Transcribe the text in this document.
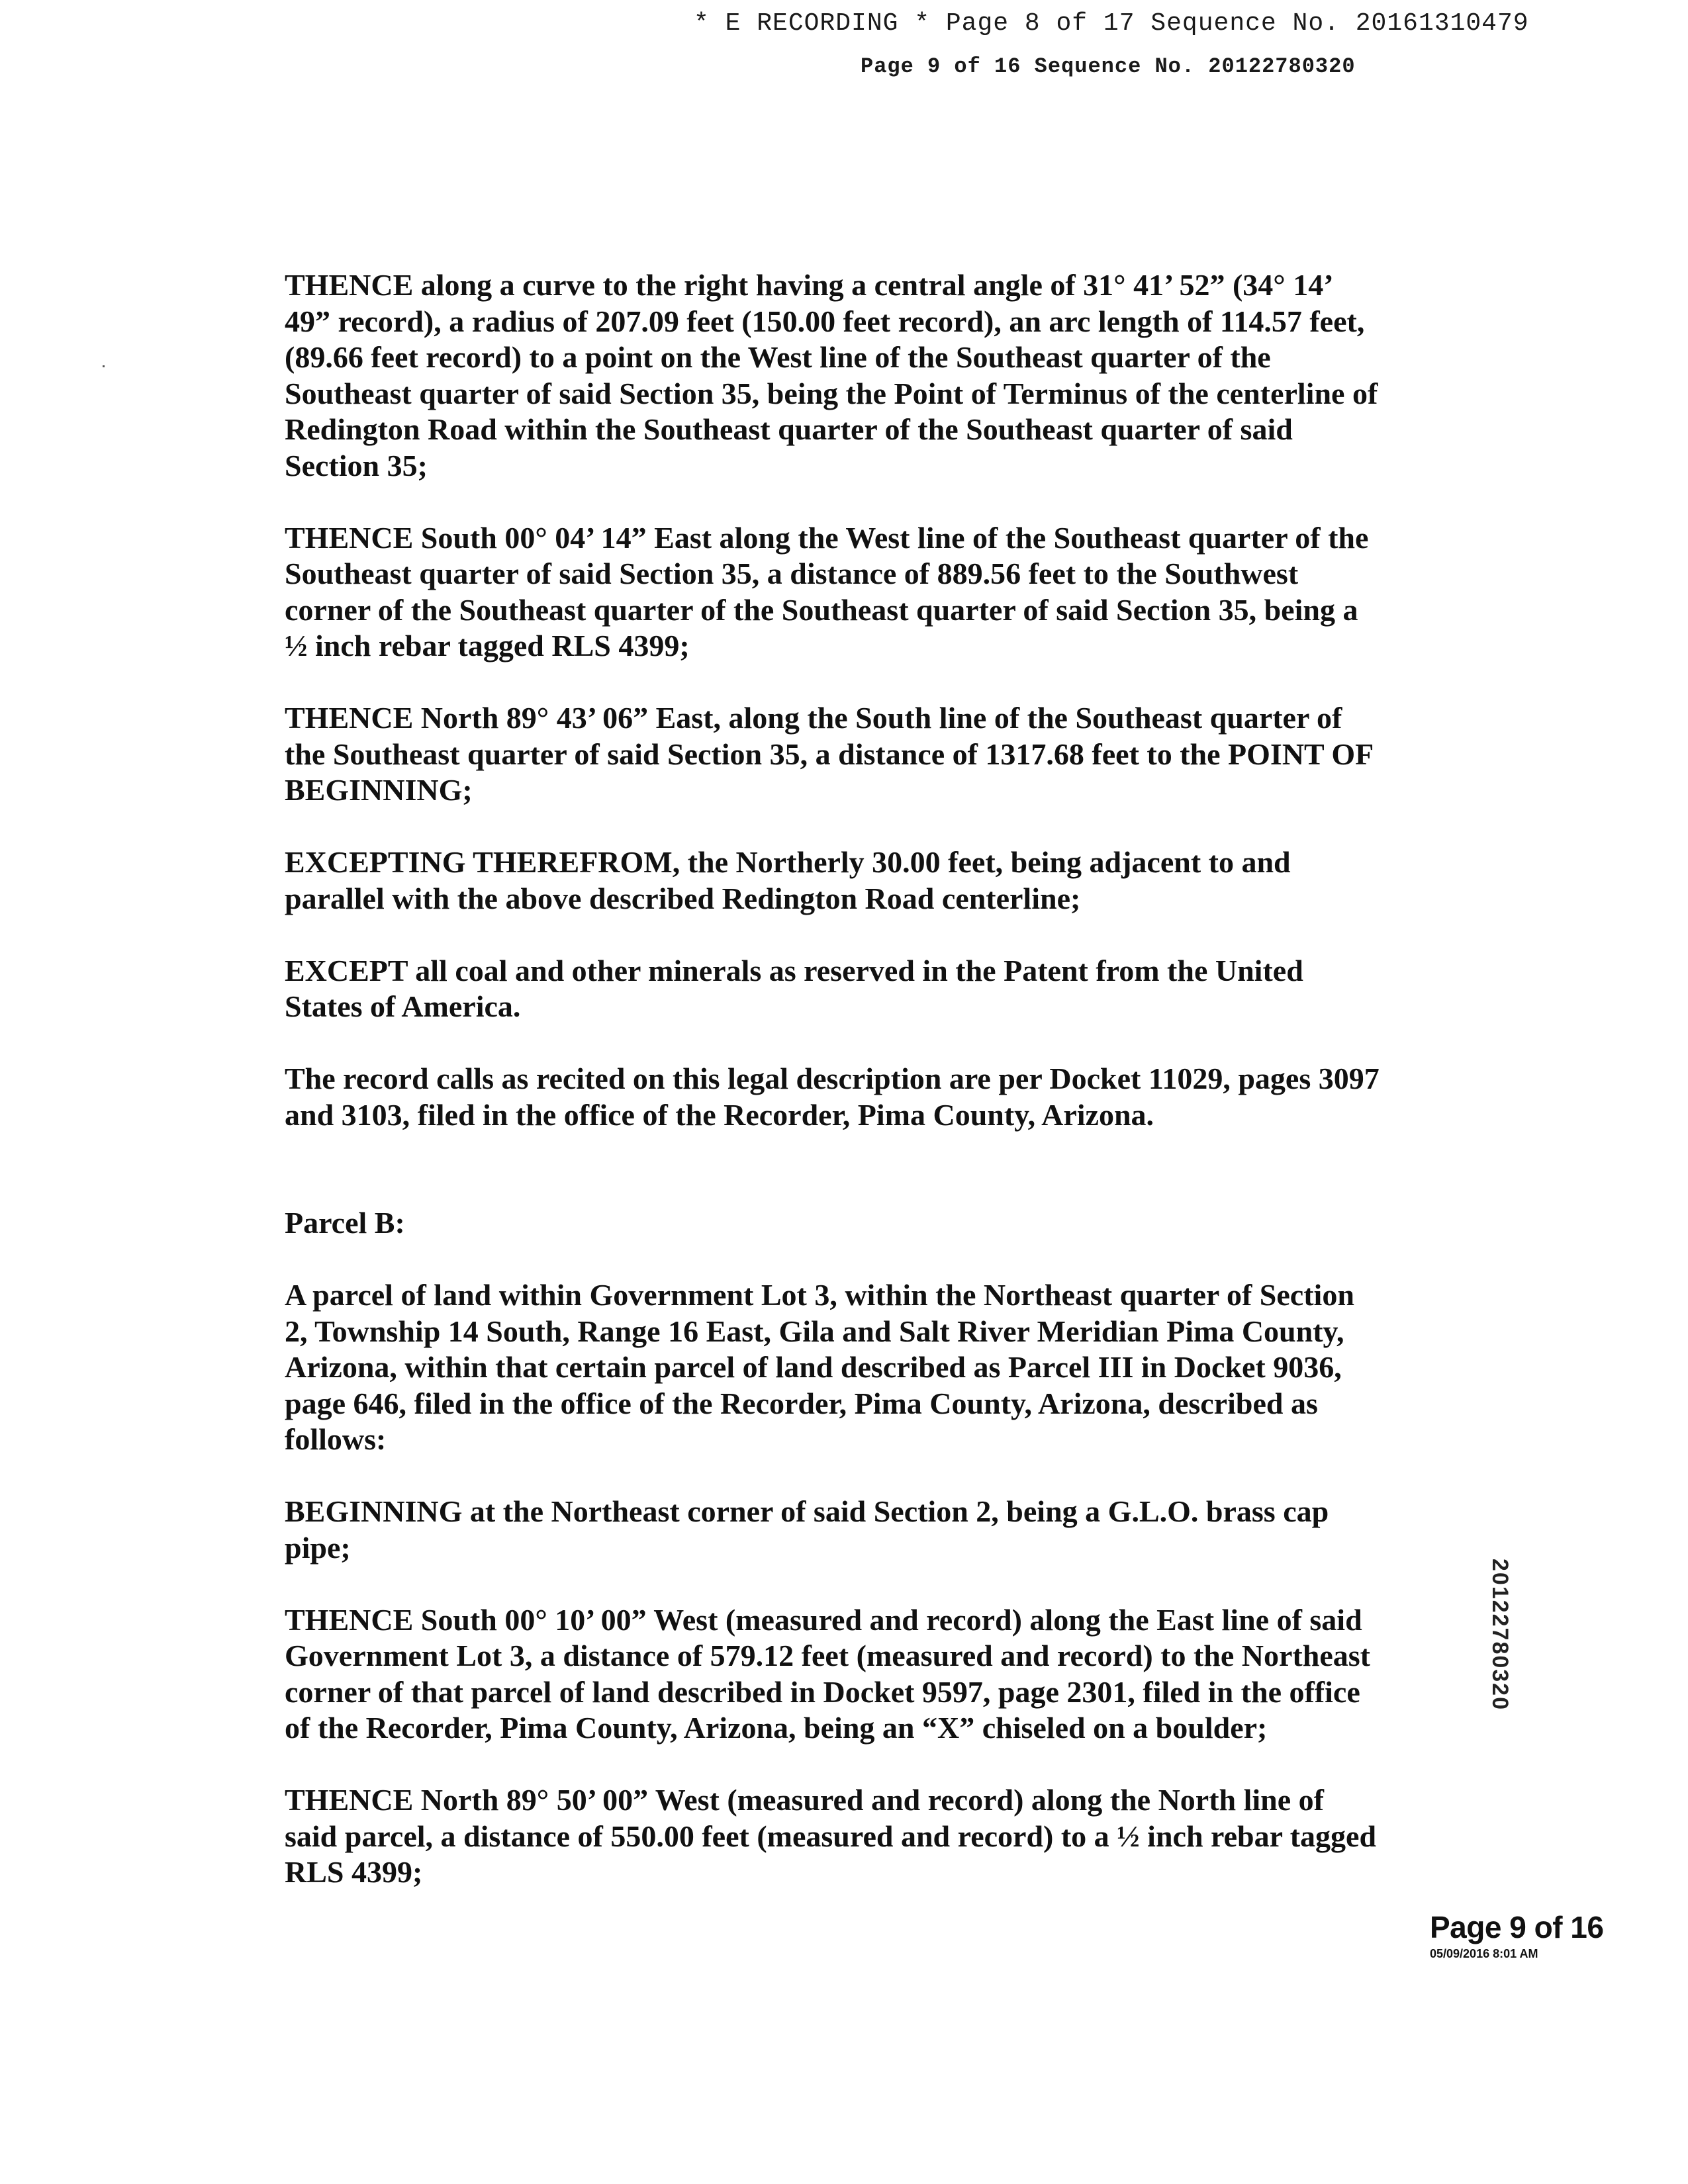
* E RECORDING * Page 8 of 17 Sequence No. 20161310479
Page 9 of 16 Sequence No. 20122780320

THENCE along a curve to the right having a central angle of 31° 41’ 52” (34° 14’ 49” record), a radius of 207.09 feet (150.00 feet record), an arc length of 114.57 feet, (89.66 feet record) to a point on the West line of the Southeast quarter of the Southeast quarter of said Section 35, being the Point of Terminus of the centerline of Redington Road within the Southeast quarter of the Southeast quarter of said Section 35;

THENCE South 00° 04’ 14” East along the West line of the Southeast quarter of the Southeast quarter of said Section 35, a distance of 889.56 feet to the Southwest corner of the Southeast quarter of the Southeast quarter of said Section 35, being a ½ inch rebar tagged RLS 4399;

THENCE North 89° 43’ 06” East, along the South line of the Southeast quarter of the Southeast quarter of said Section 35, a distance of 1317.68 feet to the POINT OF BEGINNING;

EXCEPTING THEREFROM, the Northerly 30.00 feet, being adjacent to and parallel with the above described Redington Road centerline;

EXCEPT all coal and other minerals as reserved in the Patent from the United States of America.

The record calls as recited on this legal description are per Docket 11029, pages 3097 and 3103, filed in the office of the Recorder, Pima County, Arizona.

Parcel B:

A parcel of land within Government Lot 3, within the Northeast quarter of Section 2, Township 14 South, Range 16 East, Gila and Salt River Meridian Pima County, Arizona, within that certain parcel of land described as Parcel III in Docket 9036, page 646, filed in the office of the Recorder, Pima County, Arizona, described as follows:

BEGINNING at the Northeast corner of said Section 2, being a G.L.O. brass cap pipe;

THENCE South 00° 10’ 00” West (measured and record) along the East line of said Government Lot 3, a distance of 579.12 feet (measured and record) to the Northeast corner of that parcel of land described in Docket 9597, page 2301, filed in the office of the Recorder, Pima County, Arizona, being an “X” chiseled on a boulder;

THENCE North 89° 50’ 00” West (measured and record) along the North line of said parcel, a distance of 550.00 feet (measured and record) to a ½ inch rebar tagged RLS 4399;

20122780320
Page 9 of 16
05/09/2016 8:01 AM
